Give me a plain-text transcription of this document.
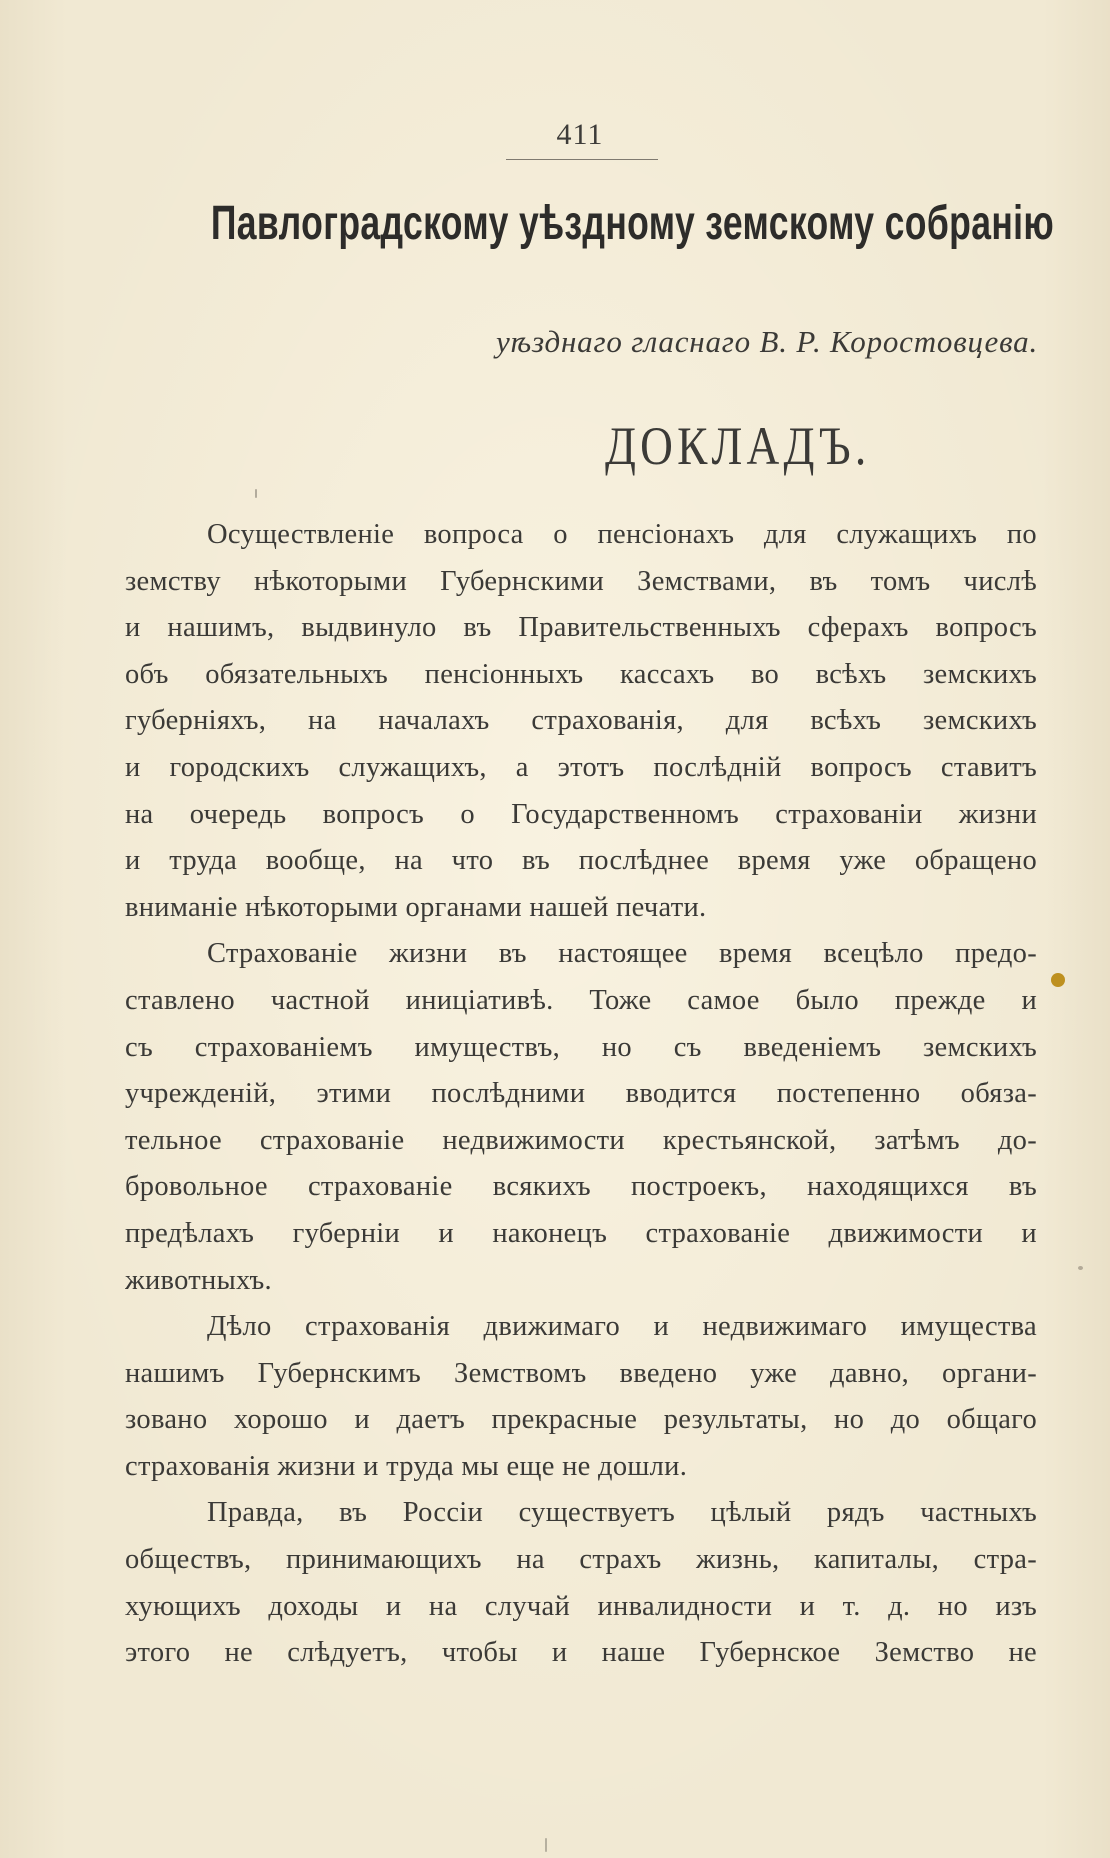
411
Павлоградскому уѣздному земскому собранію
уѣзднаго гласнаго В. Р. Коростовцева.
ДОКЛАДЪ.
Осуществленіе вопроса о пенсіонахъ для служащихъ по
земству нѣкоторыми Губернскими Земствами, въ томъ числѣ
и нашимъ, выдвинуло въ Правительственныхъ сферахъ вопросъ
объ обязательныхъ пенсіонныхъ кассахъ во всѣхъ земскихъ
губерніяхъ, на началахъ страхованія, для всѣхъ земскихъ
и городскихъ служащихъ, а этотъ послѣдній вопросъ ставитъ
на очередь вопросъ о Государственномъ страхованіи жизни
и труда вообще, на что въ послѣднее время уже обращено
вниманіе нѣкоторыми органами нашей печати.
Страхованіе жизни въ настоящее время всецѣло предо-
ставлено частной иниціативѣ. Тоже самое было прежде и
съ страхованіемъ имуществъ, но съ введеніемъ земскихъ
учрежденій, этими послѣдними вводится постепенно обяза-
тельное страхованіе недвижимости крестьянской, затѣмъ до-
бровольное страхованіе всякихъ построекъ, находящихся въ
предѣлахъ губерніи и наконецъ страхованіе движимости и
животныхъ.
Дѣло страхованія движимаго и недвижимаго имущества
нашимъ Губернскимъ Земствомъ введено уже давно, органи-
зовано хорошо и даетъ прекрасные результаты, но до общаго
страхованія жизни и труда мы еще не дошли.
Правда, въ Россіи существуетъ цѣлый рядъ частныхъ
обществъ, принимающихъ на страхъ жизнь, капиталы, стра-
хующихъ доходы и на случай инвалидности и т. д. но изъ
этого не слѣдуетъ, чтобы и наше Губернское Земство не
